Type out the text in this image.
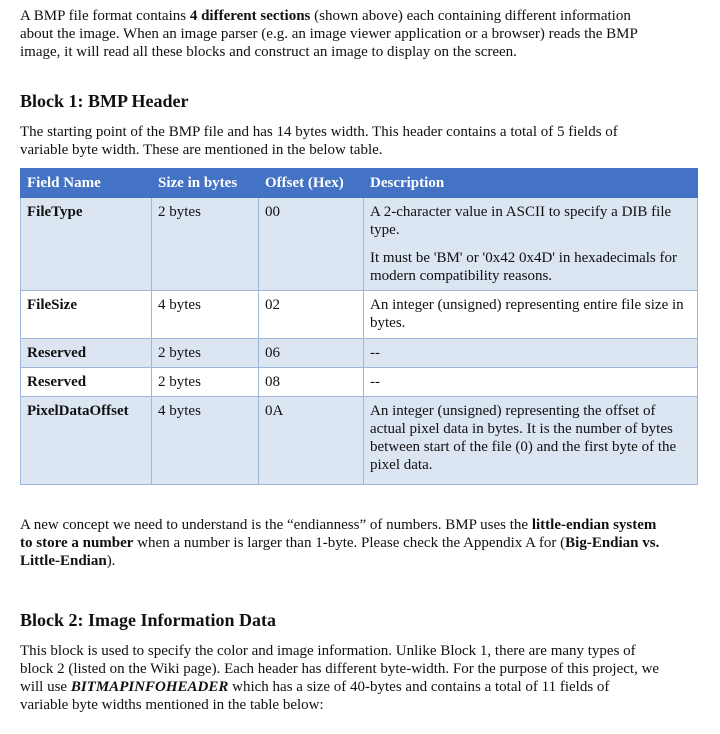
A BMP file format contains 4 different sections (shown above) each containing different information about the image. When an image parser (e.g. an image viewer application or a browser) reads the BMP image, it will read all these blocks and construct an image to display on the screen.

Block 1: BMP Header

The starting point of the BMP file and has 14 bytes width. This header contains a total of 5 fields of variable byte width. These are mentioned in the below table.

Field Name	Size in bytes	Offset (Hex)	Description
FileType	2 bytes	00	A 2-character value in ASCII to specify a DIB file type.

It must be 'BM' or '0x42 0x4D' in hexadecimals for modern compatibility reasons.

FileSize	4 bytes	02	An integer (unsigned) representing entire file size in bytes.
Reserved	2 bytes	06	--
Reserved	2 bytes	08	--
PixelDataOffset	4 bytes	0A	An integer (unsigned) representing the offset of actual pixel data in bytes. It is the number of bytes between start of the file (0) and the first byte of the pixel data.

A new concept we need to understand is the “endianness” of numbers. BMP uses the little-endian system to store a number when a number is larger than 1-byte. Please check the Appendix A for (Big-Endian vs. Little-Endian).

Block 2: Image Information Data

This block is used to specify the color and image information. Unlike Block 1, there are many types of block 2 (listed on the Wiki page). Each header has different byte-width. For the purpose of this project, we will use BITMAPINFOHEADER which has a size of 40-bytes and contains a total of 11 fields of variable byte widths mentioned in the table below:
